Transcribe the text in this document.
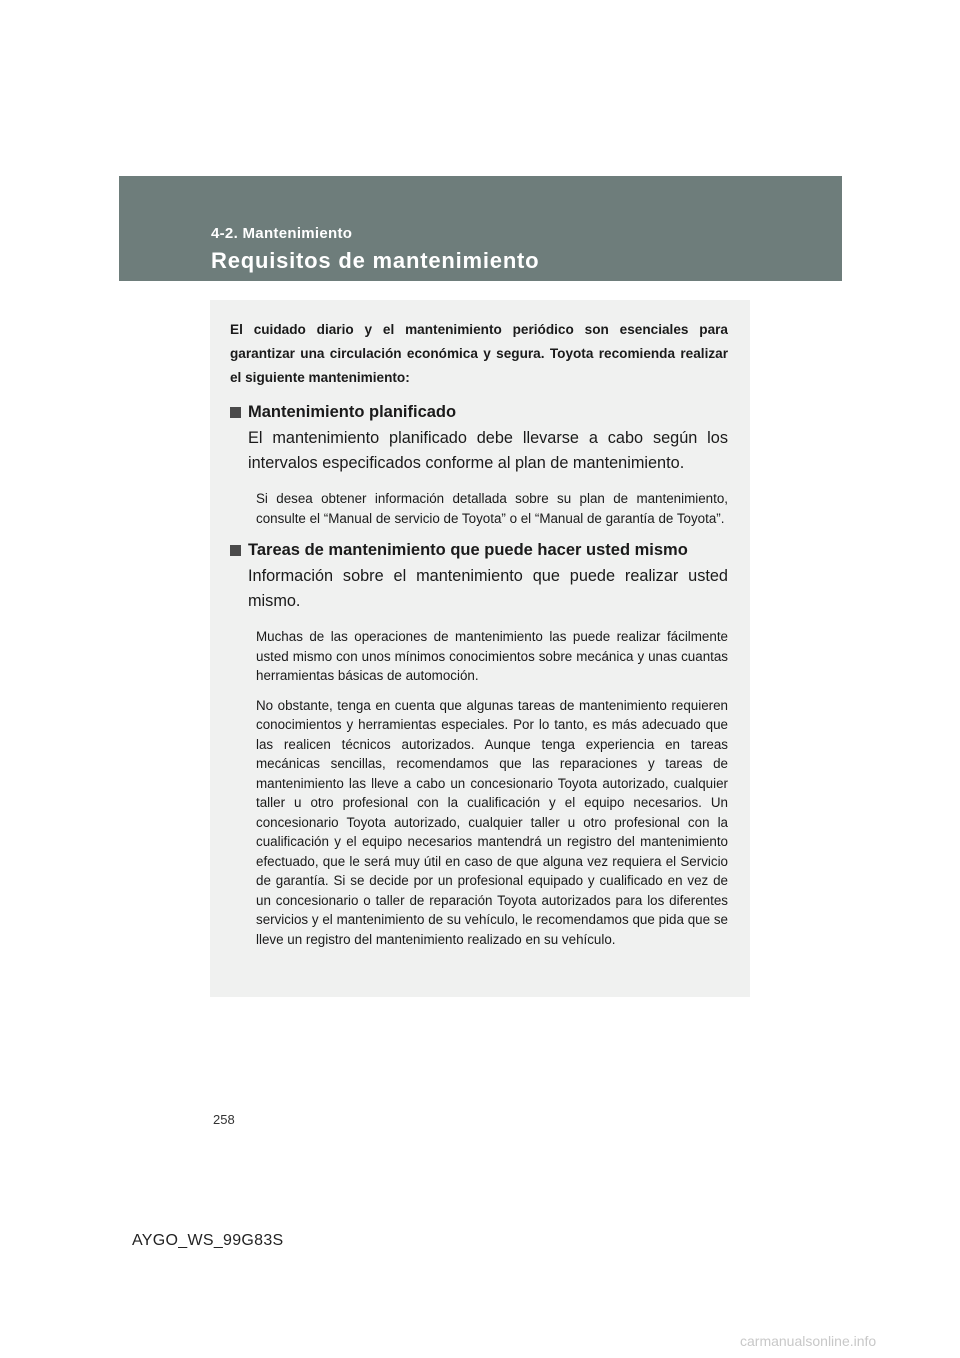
4-2. Mantenimiento
Requisitos de mantenimiento

El cuidado diario y el mantenimiento periódico son esenciales para garantizar una circulación económica y segura. Toyota recomienda realizar el siguiente mantenimiento:

Mantenimiento planificado

El mantenimiento planificado debe llevarse a cabo según los intervalos especificados conforme al plan de mantenimiento.

Si desea obtener información detallada sobre su plan de mantenimiento, consulte el “Manual de servicio de Toyota” o el “Manual de garantía de Toyota”.

Tareas de mantenimiento que puede hacer usted mismo

Información sobre el mantenimiento que puede realizar usted mismo.

Muchas de las operaciones de mantenimiento las puede realizar fácilmente usted mismo con unos mínimos conocimientos sobre mecánica y unas cuantas herramientas básicas de automoción.

No obstante, tenga en cuenta que algunas tareas de mantenimiento requieren conocimientos y herramientas especiales. Por lo tanto, es más adecuado que las realicen técnicos autorizados. Aunque tenga experiencia en tareas mecánicas sencillas, recomendamos que las reparaciones y tareas de mantenimiento las lleve a cabo un concesionario Toyota autorizado, cualquier taller u otro profesional con la cualificación y el equipo necesarios. Un concesionario Toyota autorizado, cualquier taller u otro profesional con la cualificación y el equipo necesarios mantendrá un registro del mantenimiento efectuado, que le será muy útil en caso de que alguna vez requiera el Servicio de garantía. Si se decide por un profesional equipado y cualificado en vez de un concesionario o taller de reparación Toyota autorizados para los diferentes servicios y el mantenimiento de su vehículo, le recomendamos que pida que se lleve un registro del mantenimiento realizado en su vehículo.

258
AYGO_WS_99G83S
carmanualsonline.info
